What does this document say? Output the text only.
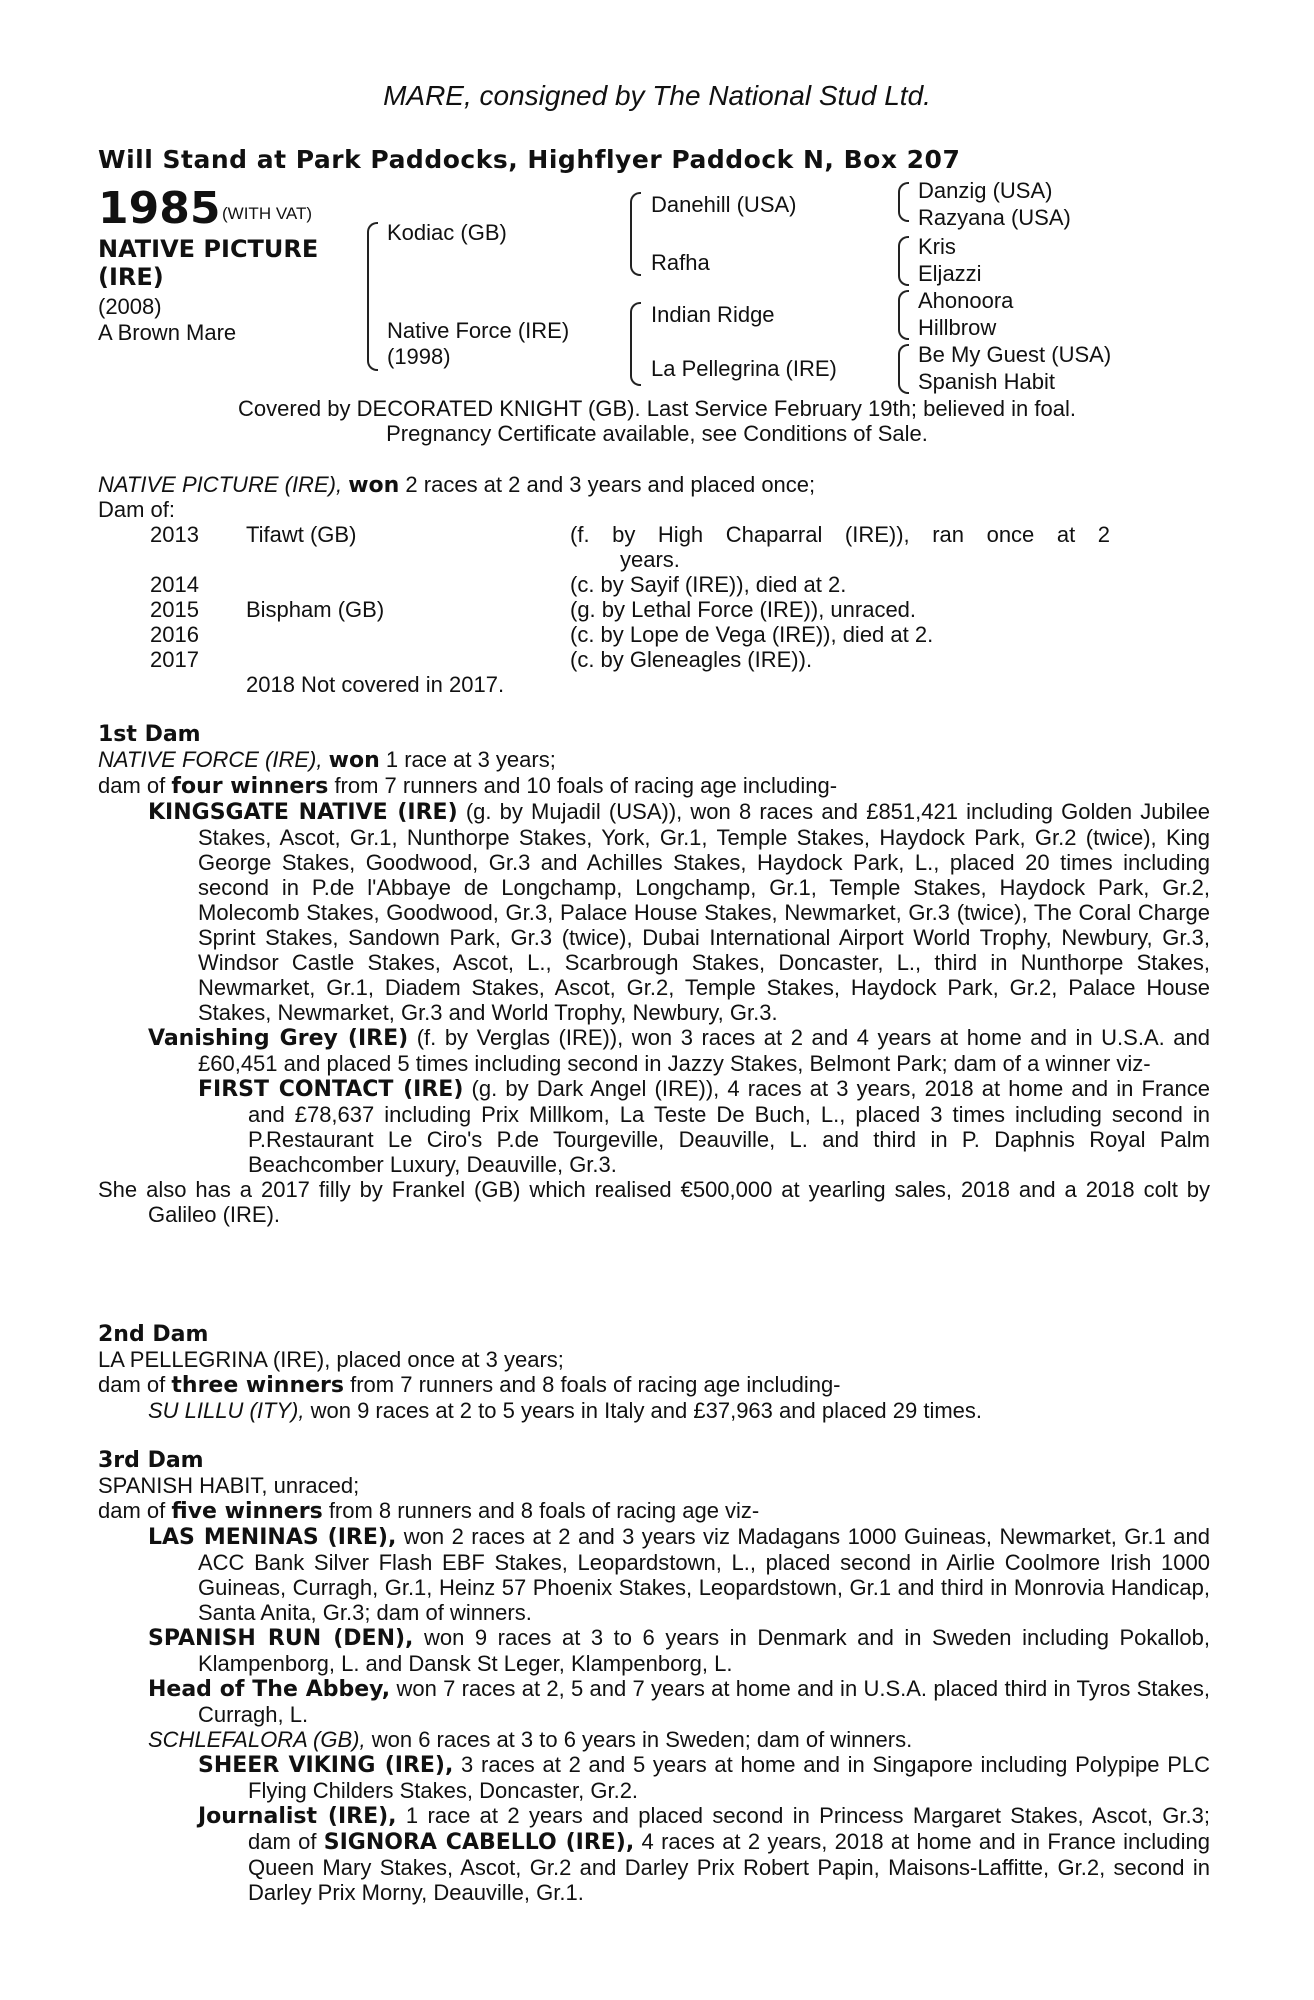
MARE, consigned by The National Stud Ltd.
Will Stand at Park Paddocks, Highflyer Paddock N, Box 207
1985 (WITH VAT)
NATIVE PICTURE
(IRE)
(2008)
A Brown Mare
Kodiac (GB)
Native Force (IRE)
(1998)
Danehill (USA)
Rafha
Indian Ridge
La Pellegrina (IRE)
Danzig (USA)
Razyana (USA)
Kris
Eljazzi
Ahonoora
Hillbrow
Be My Guest (USA)
Spanish Habit
Covered by DECORATED KNIGHT (GB). Last Service February 19th; believed in foal.
Pregnancy Certificate available, see Conditions of Sale.
NATIVE PICTURE (IRE), won 2 races at 2 and 3 years and placed once;
Dam of:
2013 Tifawt (GB)	(f. by High Chaparral (IRE)), ran once at 2
years.
2014	(c. by Sayif (IRE)), died at 2.
2015 Bispham (GB)	(g. by Lethal Force (IRE)), unraced.
2016	(c. by Lope de Vega (IRE)), died at 2.
2017	(c. by Gleneagles (IRE)).
2018 Not covered in 2017.

1st Dam

NATIVE FORCE (IRE), won 1 race at 3 years;

dam of four winners from 7 runners and 10 foals of racing age including-

KINGSGATE NATIVE (IRE) (g. by Mujadil (USA)), won 8 races and £851,421 including Golden Jubilee Stakes, Ascot, Gr.1, Nunthorpe Stakes, York, Gr.1, Temple Stakes, Haydock Park, Gr.2 (twice), King George Stakes, Goodwood, Gr.3 and Achilles Stakes, Haydock Park, L., placed 20 times including second in P.de l'Abbaye de Longchamp, Longchamp, Gr.1, Temple Stakes, Haydock Park, Gr.2, Molecomb Stakes, Goodwood, Gr.3, Palace House Stakes, Newmarket, Gr.3 (twice), The Coral Charge Sprint Stakes, Sandown Park, Gr.3 (twice), Dubai International Airport World Trophy, Newbury, Gr.3, Windsor Castle Stakes, Ascot, L., Scarbrough Stakes, Doncaster, L., third in Nunthorpe Stakes, Newmarket, Gr.1, Diadem Stakes, Ascot, Gr.2, Temple Stakes, Haydock Park, Gr.2, Palace House Stakes, Newmarket, Gr.3 and World Trophy, Newbury, Gr.3.

Vanishing Grey (IRE) (f. by Verglas (IRE)), won 3 races at 2 and 4 years at home and in U.S.A. and £60,451 and placed 5 times including second in Jazzy Stakes, Belmont Park; dam of a winner viz-

FIRST CONTACT (IRE) (g. by Dark Angel (IRE)), 4 races at 3 years, 2018 at home and in France and £78,637 including Prix Millkom, La Teste De Buch, L., placed 3 times including second in P.Restaurant Le Ciro's P.de Tourgeville, Deauville, L. and third in P. Daphnis Royal Palm Beachcomber Luxury, Deauville, Gr.3.

She also has a 2017 filly by Frankel (GB) which realised €500,000 at yearling sales, 2018 and a 2018 colt by Galileo (IRE).

2nd Dam

LA PELLEGRINA (IRE), placed once at 3 years;

dam of three winners from 7 runners and 8 foals of racing age including-

SU LILLU (ITY), won 9 races at 2 to 5 years in Italy and £37,963 and placed 29 times.

3rd Dam

SPANISH HABIT, unraced;

dam of five winners from 8 runners and 8 foals of racing age viz-

LAS MENINAS (IRE), won 2 races at 2 and 3 years viz Madagans 1000 Guineas, Newmarket, Gr.1 and ACC Bank Silver Flash EBF Stakes, Leopardstown, L., placed second in Airlie Coolmore Irish 1000 Guineas, Curragh, Gr.1, Heinz 57 Phoenix Stakes, Leopardstown, Gr.1 and third in Monrovia Handicap, Santa Anita, Gr.3; dam of winners.

SPANISH RUN (DEN), won 9 races at 3 to 6 years in Denmark and in Sweden including Pokallob, Klampenborg, L. and Dansk St Leger, Klampenborg, L.

Head of The Abbey, won 7 races at 2, 5 and 7 years at home and in U.S.A. placed third in Tyros Stakes, Curragh, L.

SCHLEFALORA (GB), won 6 races at 3 to 6 years in Sweden; dam of winners.

SHEER VIKING (IRE), 3 races at 2 and 5 years at home and in Singapore including Polypipe PLC Flying Childers Stakes, Doncaster, Gr.2.

Journalist (IRE), 1 race at 2 years and placed second in Princess Margaret Stakes, Ascot, Gr.3; dam of SIGNORA CABELLO (IRE), 4 races at 2 years, 2018 at home and in France including Queen Mary Stakes, Ascot, Gr.2 and Darley Prix Robert Papin, Maisons-Laffitte, Gr.2, second in Darley Prix Morny, Deauville, Gr.1.
